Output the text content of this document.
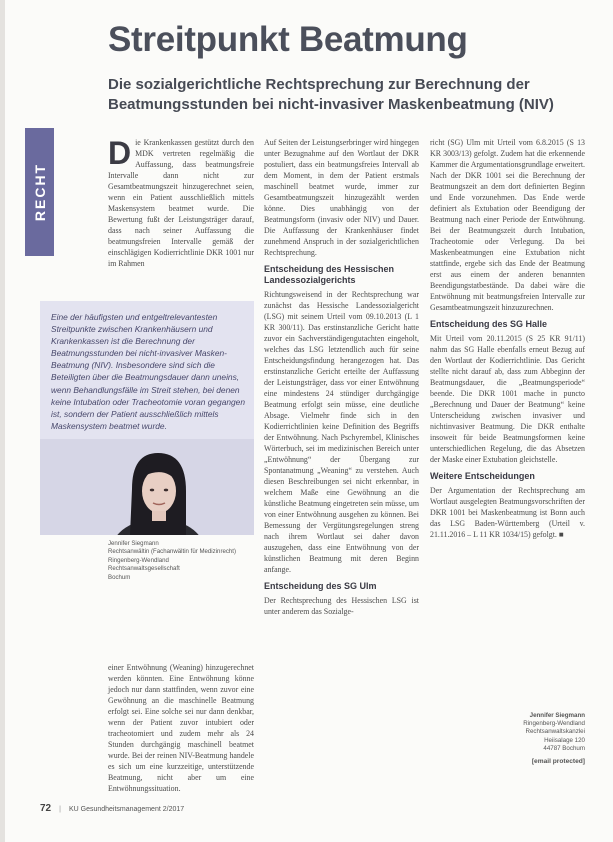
Streitpunkt Beatmung
Die sozialgerichtliche Rechtsprechung zur Berechnung der Beatmungsstunden bei nicht-invasiver Maskenbeatmung (NIV)
RECHT

Die Krankenkassen gestützt durch den MDK vertreten regelmäßig die Auffassung, dass beatmungsfreie Intervalle dann nicht zur Gesamtbeatmungszeit hinzugerechnet seien, wenn ein Patient ausschließlich mittels Maskensystem beatmet wurde. Die Bewertung fußt der Leistungsträger darauf, dass nach seiner Auffassung die beatmungsfreien Intervalle gemäß der einschlägigen Kodierrichtlinie DKR 1001 nur im Rahmen

Eine der häufigsten und entgeltrelevantesten Streitpunkte zwischen Krankenhäusern und Krankenkassen ist die Berechnung der Beatmungsstunden bei nicht-invasiver Masken-Beatmung (NIV). Insbesondere sind sich die Beteiligten über die Beatmungsdauer dann uneins, wenn Behandlungsfälle im Streit stehen, bei denen keine Intubation oder Tracheotomie voran gegangen ist, sondern der Patient ausschließlich mittels Maskensystem beatmet wurde.
Jennifer Siegmann
Rechtsanwältin (Fachanwältin für Medizinrecht)
Ringenberg-Wendland
Rechtsanwaltsgesellschaft
Bochum

einer Entwöhnung (Weaning) hinzugerechnet werden könnten. Eine Entwöhnung könne jedoch nur dann stattfinden, wenn zuvor eine Gewöhnung an die maschinelle Beatmung erfolgt sei. Eine solche sei nur dann denkbar, wenn der Patient zuvor intubiert oder tracheotomiert und zudem mehr als 24 Stunden durchgängig maschinell beatmet wurde. Bei der reinen NIV-Beatmung handele es sich um eine kurzzeitige, unterstützende Beatmung, nicht aber um eine Entwöhnungssituation.

Auf Seiten der Leistungserbringer wird hingegen unter Bezugnahme auf den Wortlaut der DKR postuliert, dass ein beatmungsfreies Intervall ab dem Moment, in dem der Patient erstmals maschinell beatmet wurde, immer zur Gesamtbeatmungszeit hinzugezählt werden könne. Dies unabhängig von der Beatmungsform (invasiv oder NIV) und Dauer. Die Auffassung der Krankenhäuser findet zunehmend Anspruch in der sozialgerichtlichen Rechtsprechung.

Entscheidung des Hessischen Landessozialgerichts

Richtungsweisend in der Rechtsprechung war zunächst das Hessische Landessozialgericht (LSG) mit seinem Urteil vom 09.10.2013 (L 1 KR 300/11). Das erstinstanzliche Gericht hatte zuvor ein Sachverständigengutachten eingeholt, welches das LSG letztendlich auch für seine Entscheidungsfindung herangezogen hat. Das erstinstanzliche Gericht erteilte der Auffassung der Leistungsträger, dass vor einer Entwöhnung eine mindestens 24 stündiger durchgängige Beatmung erfolgt sein müsse, eine deutliche Absage. Vielmehr finde sich in den Kodierrichtlinien keine Definition des Begriffs der Entwöhnung. Nach Pschyrembel, Klinisches Wörterbuch, sei im medizinischen Bereich unter „Entwöhnung“ der Übergang zur Spontanatmung „Weaning“ zu verstehen. Auch diesen Beschreibungen sei nicht erkennbar, in welchem Maße eine Gewöhnung an die künstliche Beatmung eingetreten sein müsse, um von einer Entwöhnung ausgehen zu können. Bei Bemessung der Vergütungsregelungen streng nach ihrem Wortlaut sei daher davon auszugehen, dass eine Entwöhnung von der künstlichen Beatmung mit deren Beginn anfange.

Entscheidung des SG Ulm

Der Rechtsprechung des Hessischen LSG ist unter anderem das Sozialge-

richt (SG) Ulm mit Urteil vom 6.8.2015 (S 13 KR 3003/13) gefolgt. Zudem hat die erkennende Kammer die Argumentationsgrundlage erweitert. Nach der DKR 1001 sei die Berechnung der Beatmungszeit an dem dort definierten Beginn und Ende vorzunehmen. Das Ende werde definiert als Extubation oder Beendigung der Beatmung nach einer Periode der Entwöhnung. Bei der Beatmungszeit durch Intubation, Tracheotomie oder Verlegung. Da bei Maskenbeatmungen eine Extubation nicht stattfinde, ergebe sich das Ende der Beatmung erst aus einem der anderen benannten Beendigungstatbestände. Da dabei wäre die Entwöhnung mit beatmungsfreien Intervalle zur Gesamtbeatmungszeit hinzuzurechnen.

Entscheidung des SG Halle

Mit Urteil vom 20.11.2015 (S 25 KR 91/11) nahm das SG Halle ebenfalls erneut Bezug auf den Wortlaut der Kodierrichtlinie. Das Gericht stellte nicht darauf ab, dass zum Abbeginn der Beatmungsdauer, die „Beatmungsperiode“ beende. Die DKR 1001 mache in puncto „Berechnung und Dauer der Beatmung“ keine Unterscheidung zwischen invasiver und nichtinvasiver Beatmung. Die DKR enthalte insoweit für beide Beatmungsformen keine unterschiedlichen Regelung, die das Absetzen der Maske einer Extubation gleichstelle.

Weitere Entscheidungen

Der Argumentation der Rechtsprechung am Wortlaut ausgelegten Beatmungsvorschriften der DKR 1001 bei Maskenbeatmung ist Bonn auch das LSG Baden-Württemberg (Urteil v. 21.11.2016 – L 11 KR 1034/15) gefolgt. ■

Jennifer Siegmann
Ringenberg-Wendland
Rechtsanwaltskanzlei
Heiisalage 120
44787 Bochum
[email protected]
72 | KU Gesundheitsmanagement 2/2017
